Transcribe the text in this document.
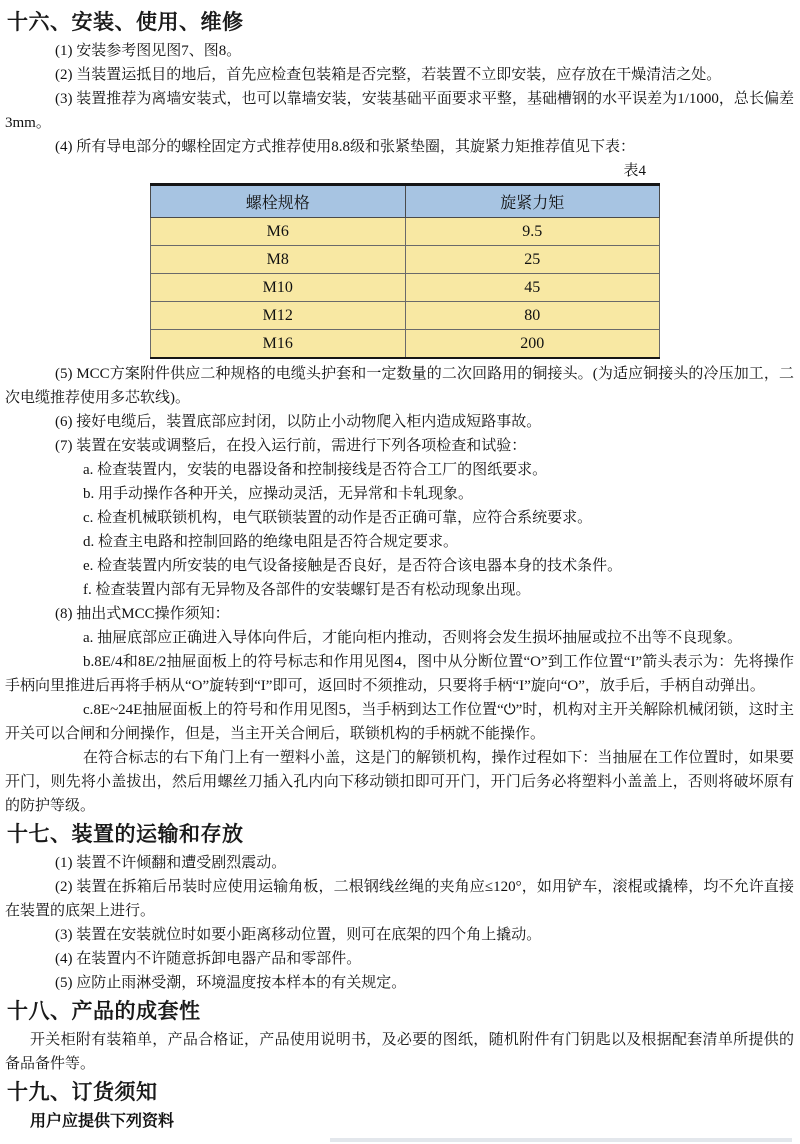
十六、安装、使用、维修

(1) 安装参考图见图7、图8。

(2) 当装置运抵目的地后，首先应检查包装箱是否完整，若装置不立即安装，应存放在干燥清洁之处。

(3) 装置推荐为离墙安装式，也可以靠墙安装，安装基础平面要求平整，基础槽钢的水平误差为1/1000，总长偏差3mm。

(4) 所有导电部分的螺栓固定方式推荐使用8.8级和张紧垫圈，其旋紧力矩推荐值见下表：

表4
螺栓规格	旋紧力矩
M6	9.5
M8	25
M10	45
M12	80
M16	200

(5) MCC方案附件供应二种规格的电缆头护套和一定数量的二次回路用的铜接头。(为适应铜接头的冷压加工，二次电缆推荐使用多芯软线)。

(6) 接好电缆后，装置底部应封闭，以防止小动物爬入柜内造成短路事故。

(7) 装置在安装或调整后，在投入运行前，需进行下列各项检查和试验：

a. 检查装置内，安装的电器设备和控制接线是否符合工厂的图纸要求。

b. 用手动操作各种开关，应操动灵活，无异常和卡轧现象。

c. 检查机械联锁机构，电气联锁装置的动作是否正确可靠，应符合系统要求。

d. 检查主电路和控制回路的绝缘电阻是否符合规定要求。

e. 检查装置内所安装的电气设备接触是否良好，是否符合该电器本身的技术条件。

f. 检查装置内部有无异物及各部件的安装螺钉是否有松动现象出现。

(8) 抽出式MCC操作须知：

a. 抽屉底部应正确进入导体向件后，才能向柜内推动，否则将会发生损坏抽屉或拉不出等不良现象。

b.8E/4和8E/2抽屉面板上的符号标志和作用见图4，图中从分断位置“O”到工作位置“I”箭头表示为：先将操作手柄向里推进后再将手柄从“O”旋转到“I”即可，返回时不须推动，只要将手柄“I”旋向“O”，放手后，手柄自动弹出。

c.8E~24E抽屉面板上的符号和作用见图5，当手柄到达工作位置“⏻”时，机构对主开关解除机械闭锁，这时主开关可以合闸和分闸操作，但是，当主开关合闸后，联锁机构的手柄就不能操作。

在符合标志的右下角门上有一塑料小盖，这是门的解锁机构，操作过程如下：当抽屉在工作位置时，如果要开门，则先将小盖拔出，然后用螺丝刀插入孔内向下移动锁扣即可开门，开门后务必将塑料小盖盖上，否则将破坏原有的防护等级。

十七、装置的运输和存放

(1) 装置不许倾翻和遭受剧烈震动。

(2) 装置在拆箱后吊装时应使用运输角板，二根钢线丝绳的夹角应≤120°，如用铲车，滚棍或撬棒，均不允许直接在装置的底架上进行。

(3) 装置在安装就位时如要小距离移动位置，则可在底架的四个角上撬动。

(4) 在装置内不许随意拆卸电器产品和零部件。

(5) 应防止雨淋受潮，环境温度按本样本的有关规定。

十八、产品的成套性

开关柜附有装箱单，产品合格证，产品使用说明书，及必要的图纸，随机附件有门钥匙以及根据配套清单所提供的备品备件等。

十九、订货须知

用户应提供下列资料
